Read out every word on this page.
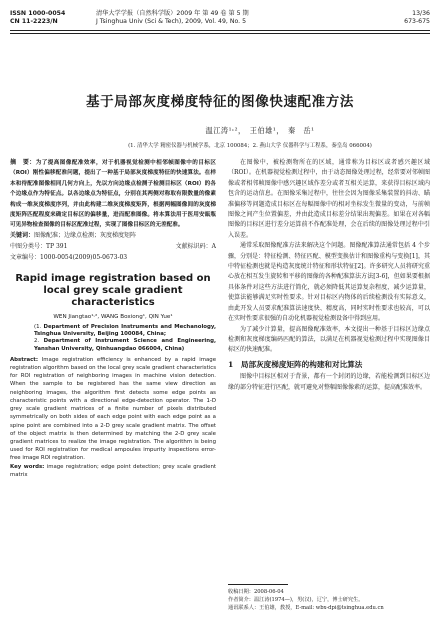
ISSN 1000-0054
CN 11-2223/N
清华大学学报（自然科学版）2009 年 第 49 卷 第 5 期
J Tsinghua Univ (Sci & Tech), 2009, Vol. 49, No. 5
13/36
673-675
基于局部灰度梯度特征的图像快速配准方法
温江涛¹˒²，　王伯雄¹，　秦　岳¹
(1. 清华大学 精密仪器与机械学系，北京 100084；2. 燕山大学 仪器科学与工程系，秦皇岛 066004)

摘　要：为了提高图像配准效率，对于机器视觉检测中相邻帧图像中的目标区（ROI）刚性偏移配准问题，提出了一种基于局部灰度梯度特征的快速算法。在样本和待配准图像相同几何方向上，先以方向边缘点检测子检测目标区（ROI）的各个边缘点作为特征点。以各边缘点为特征点，分别在其两侧对称取有限数量的像素构成一维灰度梯度序列，并由此构建二维灰度梯度矩阵，根据两幅图像间的灰度梯度矩阵匹配程度来确定目标区的偏移量，进而配准图像。将本算法用于医用安瓿瓶可见异物检查图像的目标区配准过程，实现了图像目标区的无差配准。

关键词：图像配准；边缘点检测；灰度梯度矩阵

中图分类号：TP 391	文献标识码：A
文章编号：1000-0054(2009)05-0673-03

Rapid image registration based on local grey scale gradient characteristics

WEN Jiangtao¹˒², WANG Boxiong¹, QIN Yue¹

(1. Department of Precision Instruments and Mechanology, Tsinghua University, Beijing 100084, China;
2. Department of Instrument Science and Engineering, Yanshan University, Qinhuangdao 066004, China)

Abstract: Image registration efficiency is enhanced by a rapid image registration algorithm based on the local grey scale gradient characteristics for ROI registration of neighboring images in machine vision detection. When the sample to be registered has the same view direction as neighboring images, the algorithm first detects some edge points as characteristic points with a directional edge-detection operator. The 1-D grey scale gradient matrices of a finite number of pixels distributed symmetrically on both sides of each edge point with each edge point as a spine point are combined into a 2-D grey scale gradient matrix. The offset of the object matrix is then determined by matching the 2-D grey scale gradient matrices to realize the image registration. The algorithm is being used for ROI registration for medical ampoules impurity inspections error-free image ROI registration.

Key words: image registration; edge point detection; grey scale gradient matrix

在图像中，被检测物所在的区域，通常称为目标区或者感兴趣区域（ROI）。在机器视觉检测过程中，由于动态图像处理过程，经常要对邻帧图像或者相邻帧图像中感兴趣区域作差分或者互相关运算，来获得目标区域内包含的运动信息。在图像采集过程中，往往会因为图像采集装置的抖动、瞄准偏移等问题造成目标区在每幅图像中的相对坐标发生微量的变动，与前帧图像之间产生位置偏差，并由此造成目标差分结果出现偏差。如果在对各幅图像的目标区进行差分运算前不作配准处理，会在后续的图像处理过程中引入误差。

通常采取图像配准方法来解决这个问题。图像配准算法通常包括 4 个步骤，分别是：特征检测、特征匹配、模型变换估计和图像重构与变换[1]，其中特征检测也就是构造灰度统计特征和形状特征[2]。许多研究人员将研究重心放在相互发生旋转和平移的图像的各种配准算法方法[3-6]，但如果要根据具体条件对这些方法进行简化，就必须降低其运算复杂程度，减少运算量，使算法能够满足实时性要求。针对目标区内物体的后续检测没有实际意义，由此开发人员要求配准算法速度快、精度高，同时实时性要求也较高，可以在实时性要求很强的自动化机器视觉检测设备中得到应用。

为了减少计算量，提高图像配准效率，本文提出一种基于目标区边缘点检测和灰度梯度编码匹配的算法，以满足在机器视觉检测过程中实现图像目标区的快速配准。

1　局部灰度梯度矩阵的构建和对比算法

图像中目标区相对于背景，都有一个封闭的边缘，若能检测到目标区边缘的部分特征进行匹配，就可避免对整幅图像像素的运算，提高配准效率。

收稿日期：2008-06-04
作者简介：温江涛(1974—)，男(汉)，辽宁，博士研究生。
通讯联系人：王伯雄，教授，E-mail: wbx-dpi@tsinghua.edu.cn
